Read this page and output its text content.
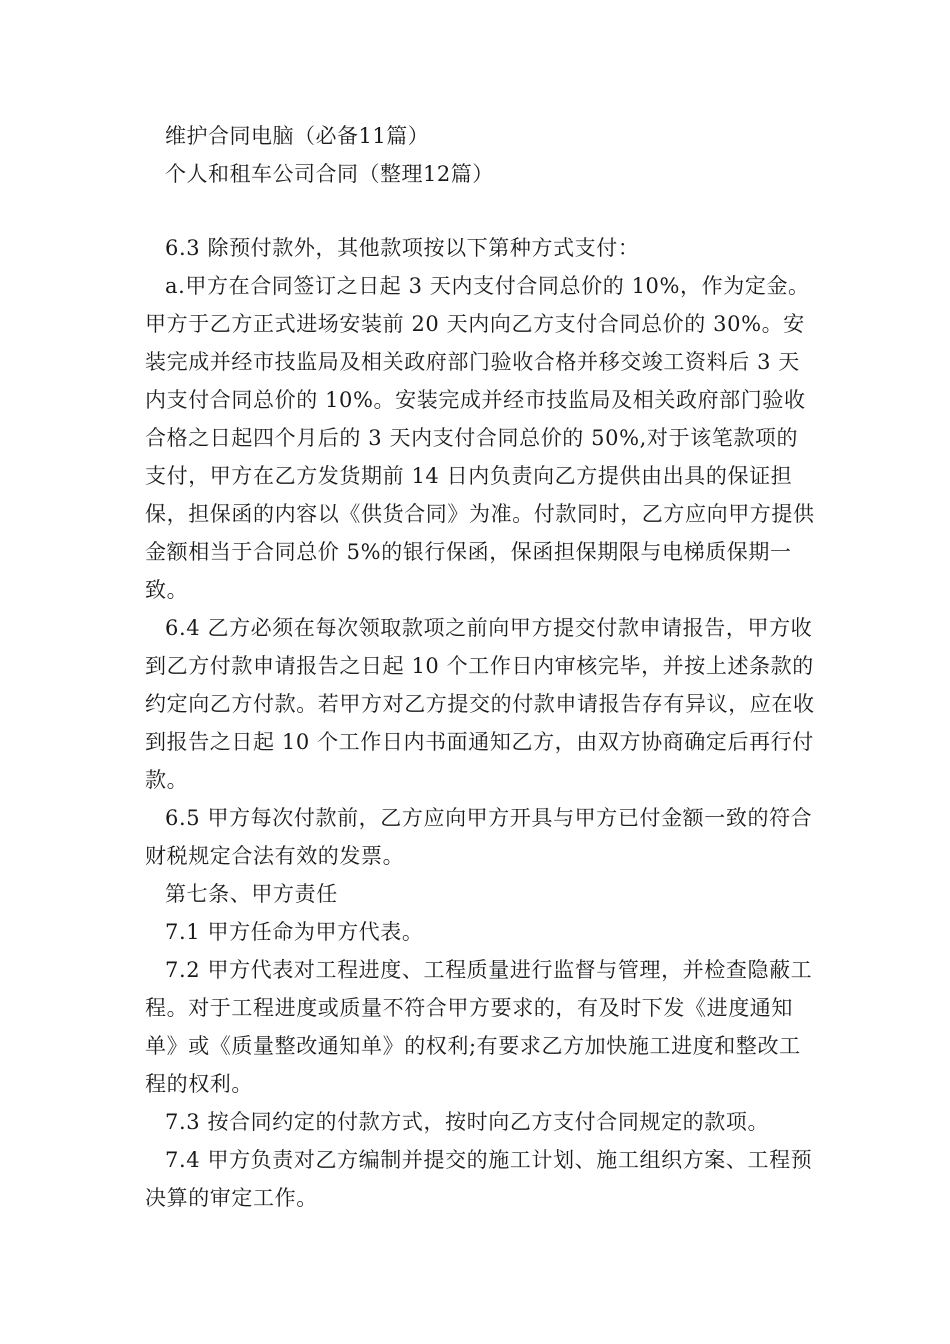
维护合同电脑（必备11篇）
个人和租车公司合同（整理12篇）

6.3 除预付款外，其他款项按以下第种方式支付：

a.甲方在合同签订之日起 3 天内支付合同总价的 10%，作为定金。甲方于乙方正式进场安装前 20 天内向乙方支付合同总价的 30%。安装完成并经市技监局及相关政府部门验收合格并移交竣工资料后 3 天内支付合同总价的 10%。安装完成并经市技监局及相关政府部门验收合格之日起四个月后的 3 天内支付合同总价的 50%,对于该笔款项的支付，甲方在乙方发货期前 14 日内负责向乙方提供由出具的保证担保，担保函的内容以《供货合同》为准。付款同时，乙方应向甲方提供金额相当于合同总价 5%的银行保函，保函担保期限与电梯质保期一致。

6.4 乙方必须在每次领取款项之前向甲方提交付款申请报告，甲方收到乙方付款申请报告之日起 10 个工作日内审核完毕，并按上述条款的约定向乙方付款。若甲方对乙方提交的付款申请报告存有异议，应在收到报告之日起 10 个工作日内书面通知乙方，由双方协商确定后再行付款。

6.5 甲方每次付款前，乙方应向甲方开具与甲方已付金额一致的符合财税规定合法有效的发票。

第七条、甲方责任

7.1 甲方任命为甲方代表。

7.2 甲方代表对工程进度、工程质量进行监督与管理，并检查隐蔽工程。对于工程进度或质量不符合甲方要求的，有及时下发《进度通知单》或《质量整改通知单》的权利;有要求乙方加快施工进度和整改工程的权利。

7.3 按合同约定的付款方式，按时向乙方支付合同规定的款项。

7.4 甲方负责对乙方编制并提交的施工计划、施工组织方案、工程预决算的审定工作。
